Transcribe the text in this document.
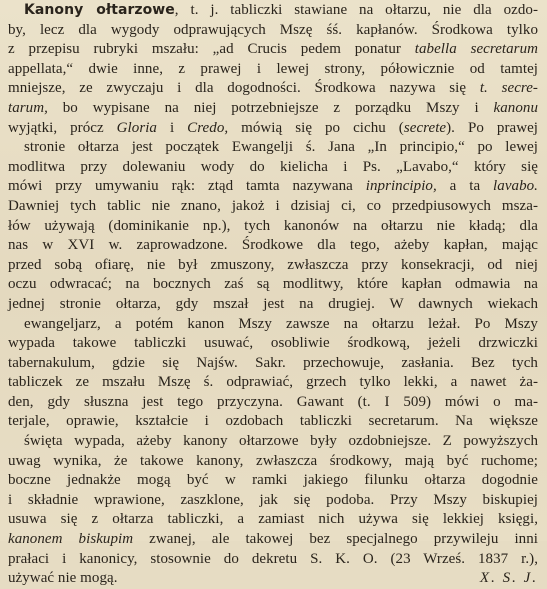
Kanony ołtarzowe, t. j. tabliczki stawiane na ołtarzu, nie dla ozdo-
by, lecz dla wygody odprawujących Mszę śś. kapłanów. Środkowa tylko
z przepisu rubryki mszału: „ad Crucis pedem ponatur tabella secretarum
appellata,“ dwie inne, z prawej i lewej strony, półowicznie od tamtej
mniejsze, ze zwyczaju i dla dogodności. Środkowa nazywa się t. secre-
tarum, bo wypisane na niej potrzebniejsze z porządku Mszy i kanonu
wyjątki, prócz Gloria i Credo, mówią się po cichu (secrete). Po prawej
stronie ołtarza jest początek Ewangelji ś. Jana „In principio,“ po lewej
modlitwa przy dolewaniu wody do kielicha i Ps. „Lavabo,“ który się
mówi przy umywaniu rąk: ztąd tamta nazywana inprincipio, a ta lavabo.
Dawniej tych tablic nie znano, jakoż i dzisiaj ci, co przedpiusowych mszа-
łów używają (dominikanie np.), tych kanonów na ołtarzu nie kładą; dla
nas w XVI w. zaprowadzone. Środkowe dla tego, ażeby kapłan, mając
przed sobą ofiarę, nie był zmuszony, zwłaszcza przy konsekracji, od niej
oczu odwracać; na bocznych zaś są modlitwy, które kapłan odmawia na
jednej stronie ołtarza, gdy mszał jest na drugiej. W dawnych wiekach
ewangeljarz, a potém kanon Mszy zawsze na ołtarzu leżał. Po Mszy
wypada takowe tabliczki usuwać, osobliwie środkową, jeżeli drzwiczki
tabernakulum, gdzie się Najśw. Sakr. przechowuje, zasłania. Bez tych
tabliczek ze mszału Mszę ś. odprawiać, grzech tylko lekki, a nawet ża-
den, gdy słuszna jest tego przyczyna. Gawant (t. I 509) mówi o ma-
terjale, oprawie, kształcie i ozdobach tabliczki secretarum. Na większe
święta wypada, ażeby kanony ołtarzowe były ozdobniejsze. Z powyższych
uwag wynika, że takowe kanony, zwłaszcza środkowy, mają być ruchome;
boczne jednakże mogą być w ramki jakiego filunku ołtarza dogodnie
i składnie wprawione, zaszklone, jak się podoba. Przy Mszy biskupiej
usuwa się z ołtarza tabliczki, a zamiast nich używa się lekkiej księgi,
kanonem biskupim zwanej, ale takowej bez specjalnego przywileju inni
prałaci i kanonicy, stosownie do dekretu S. K. O. (23 Wrześ. 1837 r.),
używać nie mogą.	X. S. J.
